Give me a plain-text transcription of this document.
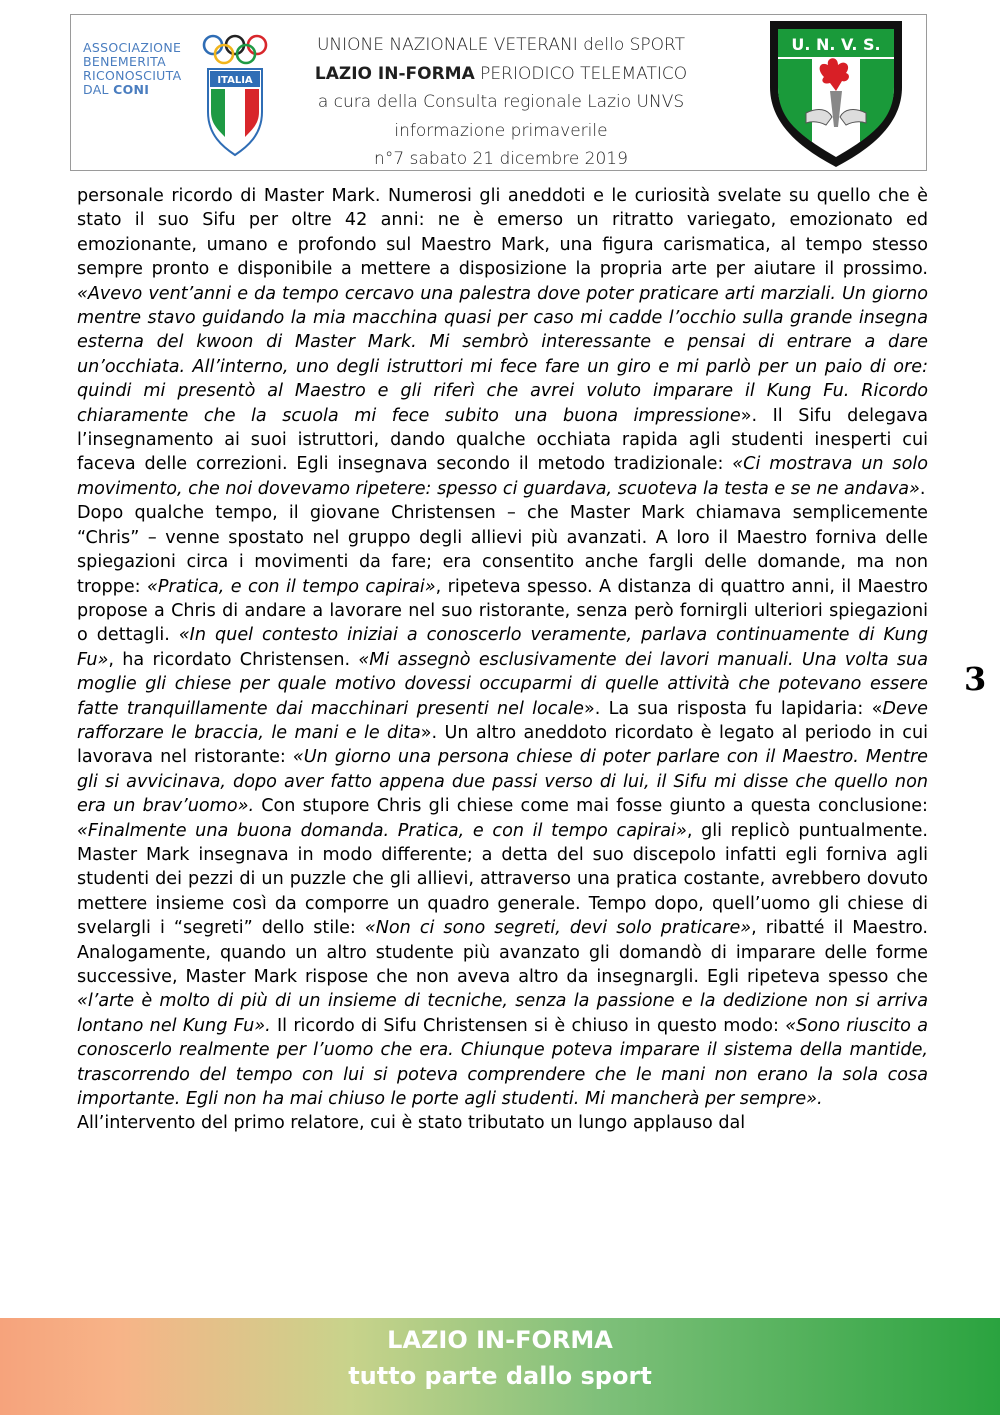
ASSOCIAZIONE
BENEMERITA
RICONOSCIUTA
DAL CONI
ITALIA
UNIONE NAZIONALE VETERANI dello SPORT
LAZIO IN-FORMA PERIODICO TELEMATICO
a cura della Consulta regionale Lazio UNVS
informazione primaverile
n°7 sabato 21 dicembre 2019
U. N. V. S.

personale ricordo di Master Mark. Numerosi gli aneddoti e le curiosità svelate su quello che è stato il suo Sifu per oltre 42 anni: ne è emerso un ritratto variegato, emozionato ed emozionante, umano e profondo sul Maestro Mark, una figura carismatica, al tempo stesso sempre pronto e disponibile a mettere a disposizione la propria arte per aiutare il prossimo. «Avevo vent’anni e da tempo cercavo una palestra dove poter praticare arti marziali. Un giorno mentre stavo guidando la mia macchina quasi per caso mi cadde l’occhio sulla grande insegna esterna del kwoon di Master Mark. Mi sembrò interessante e pensai di entrare a dare un’occhiata. All’interno, uno degli istruttori mi fece fare un giro e mi parlò per un paio di ore: quindi mi presentò al Maestro e gli riferì che avrei voluto imparare il Kung Fu. Ricordo chiaramente che la scuola mi fece subito una buona impressione». Il Sifu delegava l’insegnamento ai suoi istruttori, dando qualche occhiata rapida agli studenti inesperti cui faceva delle correzioni. Egli insegnava secondo il metodo tradizionale: «Ci mostrava un solo movimento, che noi dovevamo ripetere: spesso ci guardava, scuoteva la testa e se ne andava».

Dopo qualche tempo, il giovane Christensen – che Master Mark chiamava semplicemente “Chris” – venne spostato nel gruppo degli allievi più avanzati. A loro il Maestro forniva delle spiegazioni circa i movimenti da fare; era consentito anche fargli delle domande, ma non troppe: «Pratica, e con il tempo capirai», ripeteva spesso. A distanza di quattro anni, il Maestro propose a Chris di andare a lavorare nel suo ristorante, senza però fornirgli ulteriori spiegazioni o dettagli. «In quel contesto iniziai a conoscerlo veramente, parlava continuamente di Kung Fu», ha ricordato Christensen. «Mi assegnò esclusivamente dei lavori manuali. Una volta sua moglie gli chiese per quale motivo dovessi occuparmi di quelle attività che potevano essere fatte tranquillamente dai macchinari presenti nel locale». La sua risposta fu lapidaria: «Deve rafforzare le braccia, le mani e le dita». Un altro aneddoto ricordato è legato al periodo in cui lavorava nel ristorante: «Un giorno una persona chiese di poter parlare con il Maestro. Mentre gli si avvicinava, dopo aver fatto appena due passi verso di lui, il Sifu mi disse che quello non era un brav’uomo». Con stupore Chris gli chiese come mai fosse giunto a questa conclusione: «Finalmente una buona domanda. Pratica, e con il tempo capirai», gli replicò puntualmente. Master Mark insegnava in modo differente; a detta del suo discepolo infatti egli forniva agli studenti dei pezzi di un puzzle che gli allievi, attraverso una pratica costante, avrebbero dovuto mettere insieme così da comporre un quadro generale. Tempo dopo, quell’uomo gli chiese di svelargli i “segreti” dello stile: «Non ci sono segreti, devi solo praticare», ribatté il Maestro. Analogamente, quando un altro studente più avanzato gli domandò di imparare delle forme successive, Master Mark rispose che non aveva altro da insegnargli. Egli ripeteva spesso che «l’arte è molto di più di un insieme di tecniche, senza la passione e la dedizione non si arriva lontano nel Kung Fu». Il ricordo di Sifu Christensen si è chiuso in questo modo: «Sono riuscito a conoscerlo realmente per l’uomo che era. Chiunque poteva imparare il sistema della mantide, trascorrendo del tempo con lui si poteva comprendere che le mani non erano la sola cosa importante. Egli non ha mai chiuso le porte agli studenti. Mi mancherà per sempre».

All’intervento del primo relatore, cui è stato tributato un lungo applauso dal

3
LAZIO IN-FORMA
tutto parte dallo sport
